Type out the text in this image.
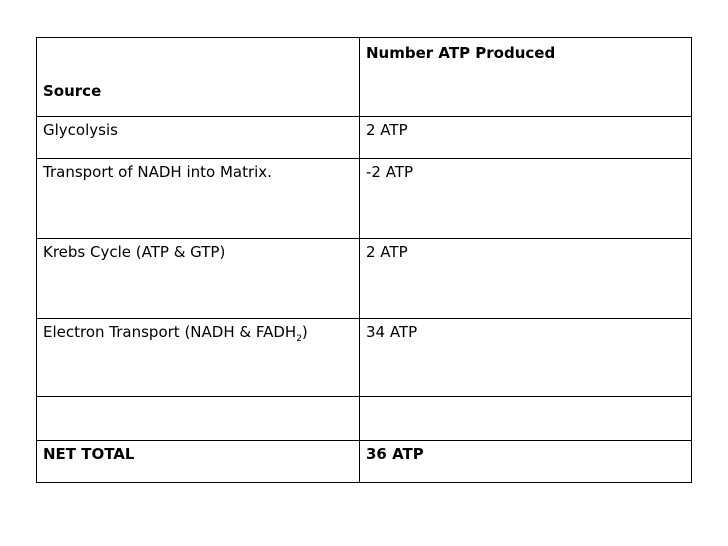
Source	Number ATP Produced
Glycolysis	2 ATP
Transport of NADH into Matrix.	-2 ATP
Krebs Cycle (ATP & GTP)	2 ATP
Electron Transport (NADH & $FADH_2$)	34 ATP

NET TOTAL	36 ATP
